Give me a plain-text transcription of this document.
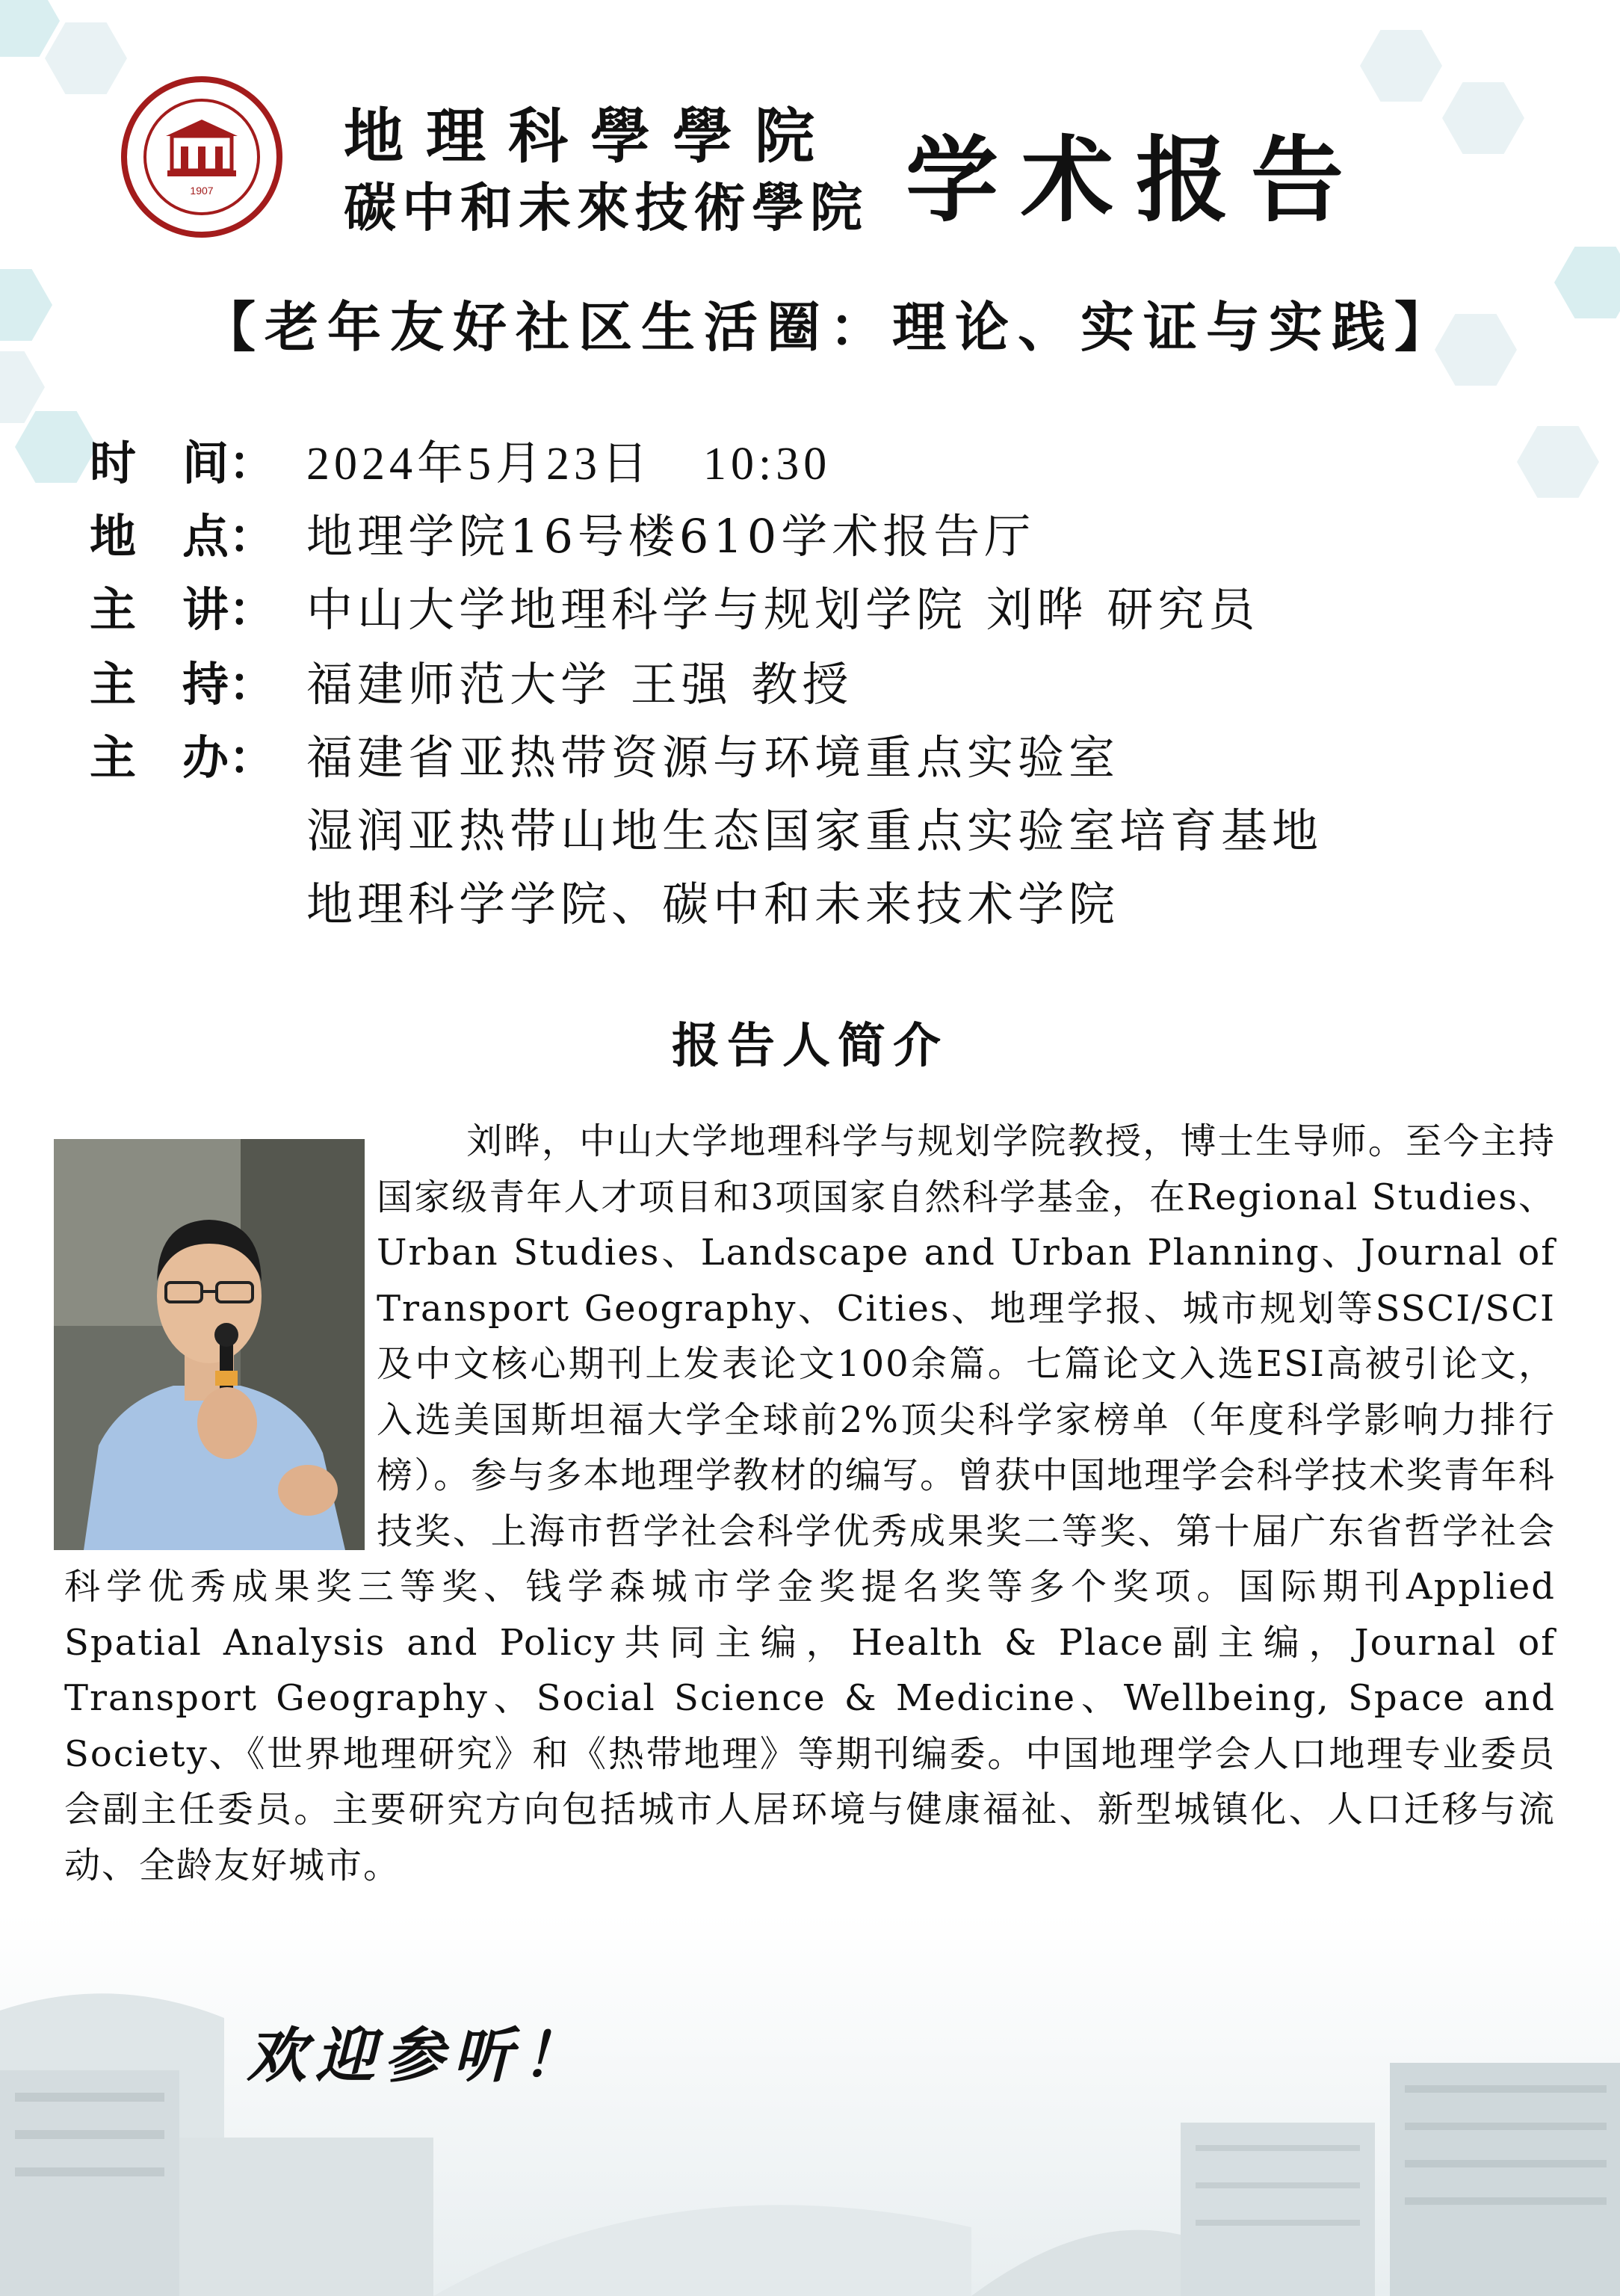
1907
地理科學學院
碳中和未來技術學院 学术报告
【老年友好社区生活圈：理论、实证与实践】
时　间： 2024年5月23日　10:30
地　点： 地理学院16号楼610学术报告厅
主　讲： 中山大学地理科学与规划学院 刘晔 研究员
主　持： 福建师范大学 王强 教授
主　办： 福建省亚热带资源与环境重点实验室
湿润亚热带山地生态国家重点实验室培育基地
地理科学学院、碳中和未来技术学院
报告人简介
刘晔，中山大学地理科学与规划学院教授，博士生导师。至今主持国家级青年人才项目和3项国家自然科学基金，在Regional Studies、Urban Studies、Landscape and Urban Planning、Journal of Transport Geography、Cities、地理学报、城市规划等SSCI/SCI及中文核心期刊上发表论文100余篇。七篇论文入选ESI高被引论文，入选美国斯坦福大学全球前2%顶尖科学家榜单（年度科学影响力排行榜）。参与多本地理学教材的编写。曾获中国地理学会科学技术奖青年科技奖、上海市哲学社会科学优秀成果奖二等奖、第十届广东省哲学社会科学优秀成果奖三等奖、钱学森城市学金奖提名奖等多个奖项。国际期刊Applied Spatial Analysis and Policy共同主编，Health & Place副主编，Journal of Transport Geography、Social Science & Medicine、Wellbeing, Space and Society、《世界地理研究》和《热带地理》等期刊编委。中国地理学会人口地理专业委员会副主任委员。主要研究方向包括城市人居环境与健康福祉、新型城镇化、人口迁移与流动、全龄友好城市。
欢迎参听！
